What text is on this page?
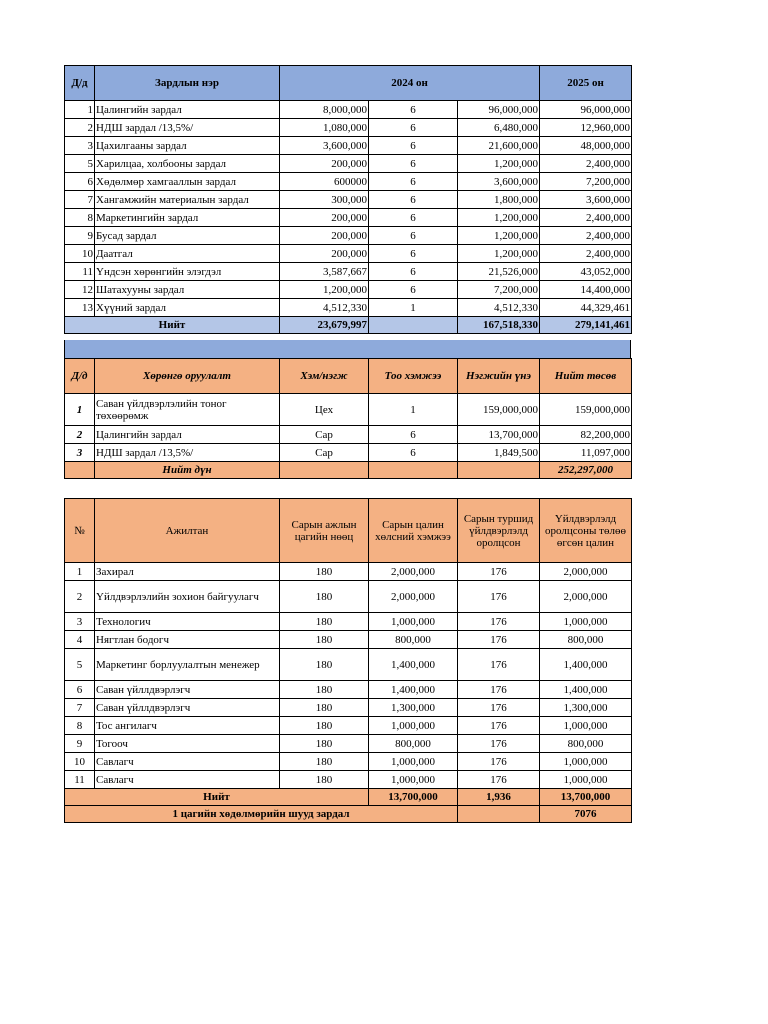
Д/д	Зардлын нэр	2024 он			2025 он
1	Цалингийн зардал	8,000,000	6	96,000,000	96,000,000
2	НДШ зардал /13,5%/	1,080,000	6	6,480,000	12,960,000
3	Цахилгааны зардал	3,600,000	6	21,600,000	48,000,000
5	Харилцаа, холбооны зардал	200,000	6	1,200,000	2,400,000
6	Хөдөлмөр хамгааллын зардал	600000	6	3,600,000	7,200,000
7	Хангамжийн материалын зардал	300,000	6	1,800,000	3,600,000
8	Маркетингийн зардал	200,000	6	1,200,000	2,400,000
9	Бусад зардал	200,000	6	1,200,000	2,400,000
10	Даатгал	200,000	6	1,200,000	2,400,000
11	Үндсэн хөрөнгийн элэгдэл	3,587,667	6	21,526,000	43,052,000
12	Шатахууны зардал	1,200,000	6	7,200,000	14,400,000
13	Хүүний зардал	4,512,330	1	4,512,330	44,329,461
Нийт		23,679,997		167,518,330	279,141,461
Д/д	Хөрөнгө оруулалт	Хэм/нэгж	Тоо хэмжээ	Нэгжийн үнэ	Нийт төсөв
1	Саван үйлдвэрлэлийн тоног төхөөрөмж	Цех	1	159,000,000	159,000,000
2	Цалингийн зардал	Сар	6	13,700,000	82,200,000
3	НДШ зардал /13,5%/	Сар	6	1,849,500	11,097,000
	Нийт дүн				252,297,000
№	Ажилтан	Сарын ажлын цагийн нөөц	Сарын цалин хөлсний хэмжээ	Сарын туршид үйлдвэрлэлд оролцсон	Үйлдвэрлэлд оролцсоны төлөө өгсөн цалин
1	Захирал	180	2,000,000	176	2,000,000
2	Үйлдвэрлэлийн зохион байгуулагч	180	2,000,000	176	2,000,000
3	Технологич	180	1,000,000	176	1,000,000
4	Нягтлан бодогч	180	800,000	176	800,000
5	Маркетинг борлуулалтын менежер	180	1,400,000	176	1,400,000
6	Саван үйллдвэрлэгч	180	1,400,000	176	1,400,000
7	Саван үйллдвэрлэгч	180	1,300,000	176	1,300,000
8	Тос ангилагч	180	1,000,000	176	1,000,000
9	Тогооч	180	800,000	176	800,000
10	Савлагч	180	1,000,000	176	1,000,000
11	Савлагч	180	1,000,000	176	1,000,000
Нийт			13,700,000	1,936	13,700,000
1 цагийн хөдөлмөрийн шууд зардал					7076
